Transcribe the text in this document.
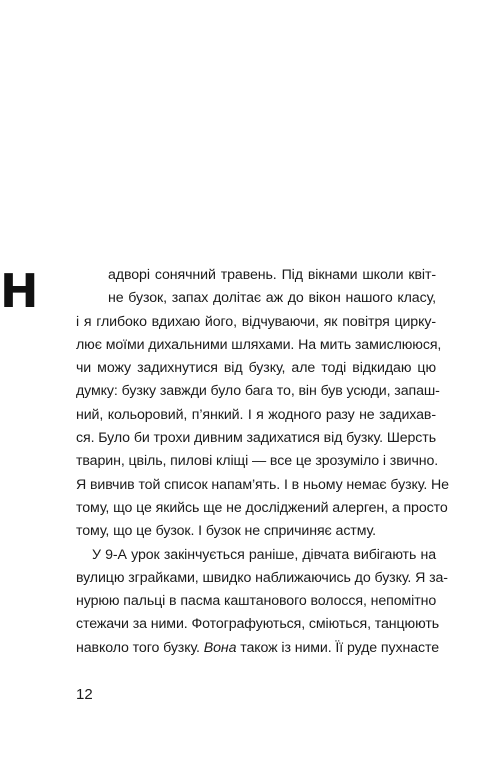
Н	адворі сонячний травень. Під вікнами школи квіт-
не бузок, запах долітає аж до вікон нашого класу,
і я глибоко вдихаю його, відчуваючи, як повітря цирку-
лює моїми дихальними шляхами. На мить замислююся,
чи можу задихнутися від бузку, але тоді відкидаю цю
думку: бузку завжди було бага то, він був усюди, запаш-
ний, кольоровий, п’янкий. І я жодного разу не задихав-
ся. Було би трохи дивним задихатися від бузку. Шерсть
тварин, цвіль, пилові кліщі — все це зрозуміло і звично.
Я вивчив той список напам’ять. І в ньому немає бузку. Не
тому, що це якийсь ще не досліджений алерген, а просто
тому, що це бузок. І бузок не спричиняє астму.
У 9-А урок закінчується раніше, дівчата вибігають на
вулицю зграйками, швидко наближаючись до бузку. Я за-
нурюю пальці в пасма каштанового волосся, непомітно
стежачи за ними. Фотографуються, сміються, танцюють
навколо того бузку. Вона також із ними. Її руде пухнасте
12
